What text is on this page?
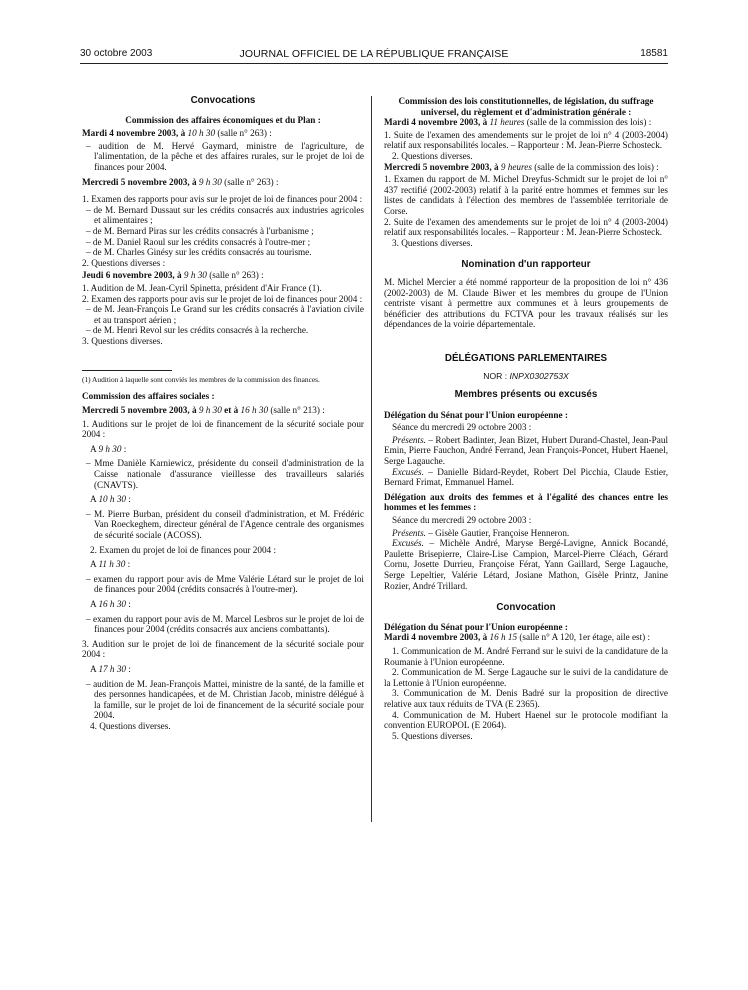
30 octobre 2003	JOURNAL OFFICIEL DE LA RÉPUBLIQUE FRANÇAISE	18581

Convocations

Commission des affaires économiques et du Plan :

Mardi 4 novembre 2003, à 10 h 30 (salle n° 263) :

– audition de M. Hervé Gaymard, ministre de l'agriculture, de l'alimentation, de la pêche et des affaires rurales, sur le projet de loi de finances pour 2004.

Mercredi 5 novembre 2003, à 9 h 30 (salle n° 263) :

1. Examen des rapports pour avis sur le projet de loi de finances pour 2004 :

– de M. Bernard Dussaut sur les crédits consacrés aux industries agricoles et alimentaires ;

– de M. Bernard Piras sur les crédits consacrés à l'urbanisme ;

– de M. Daniel Raoul sur les crédits consacrés à l'outre-mer ;

– de M. Charles Ginésy sur les crédits consacrés au tourisme.

2. Questions diverses :

Jeudi 6 novembre 2003, à 9 h 30 (salle n° 263) :

1. Audition de M. Jean-Cyril Spinetta, président d'Air France (1).

2. Examen des rapports pour avis sur le projet de loi de finances pour 2004 :

– de M. Jean-François Le Grand sur les crédits consacrés à l'aviation civile et au transport aérien ;

– de M. Henri Revol sur les crédits consacrés à la recherche.

3. Questions diverses.

(1) Audition à laquelle sont conviés les membres de la commission des finances.

Commission des affaires sociales :

Mercredi 5 novembre 2003, à 9 h 30 et à 16 h 30 (salle n° 213) :

1. Auditions sur le projet de loi de financement de la sécurité sociale pour 2004 :

A 9 h 30 :

– Mme Danièle Karniewicz, présidente du conseil d'administration de la Caisse nationale d'assurance vieillesse des travailleurs salariés (CNAVTS).

A 10 h 30 :

– M. Pierre Burban, président du conseil d'administration, et M. Frédéric Van Roeckeghem, directeur général de l'Agence centrale des organismes de sécurité sociale (ACOSS).

2. Examen du projet de loi de finances pour 2004 :

A 11 h 30 :

– examen du rapport pour avis de Mme Valérie Létard sur le projet de loi de finances pour 2004 (crédits consacrés à l'outre-mer).

A 16 h 30 :

– examen du rapport pour avis de M. Marcel Lesbros sur le projet de loi de finances pour 2004 (crédits consacrés aux anciens combattants).

3. Audition sur le projet de loi de financement de la sécurité sociale pour 2004 :

A 17 h 30 :

– audition de M. Jean-François Mattei, ministre de la santé, de la famille et des personnes handicapées, et de M. Christian Jacob, ministre délégué à la famille, sur le projet de loi de financement de la sécurité sociale pour 2004.

4. Questions diverses.

Commission des lois constitutionnelles, de législation, du suffrage universel, du règlement et d'administration générale :

Mardi 4 novembre 2003, à 11 heures (salle de la commission des lois) :

1. Suite de l'examen des amendements sur le projet de loi n° 4 (2003-2004) relatif aux responsabilités locales. – Rapporteur : M. Jean-Pierre Schosteck.

2. Questions diverses.

Mercredi 5 novembre 2003, à 9 heures (salle de la commission des lois) :

1. Examen du rapport de M. Michel Dreyfus-Schmidt sur le projet de loi n° 437 rectifié (2002-2003) relatif à la parité entre hommes et femmes sur les listes de candidats à l'élection des membres de l'assemblée territoriale de Corse.

2. Suite de l'examen des amendements sur le projet de loi n° 4 (2003-2004) relatif aux responsabilités locales. – Rapporteur : M. Jean-Pierre Schosteck.

3. Questions diverses.

Nomination d'un rapporteur

M. Michel Mercier a été nommé rapporteur de la proposition de loi n° 436 (2002-2003) de M. Claude Biwer et les membres du groupe de l'Union centriste visant à permettre aux communes et à leurs groupements de bénéficier des attributions du FCTVA pour les travaux réalisés sur les dépendances de la voirie départementale.

DÉLÉGATIONS PARLEMENTAIRES

NOR : INPX0302753X

Membres présents ou excusés

Délégation du Sénat pour l'Union européenne :

Séance du mercredi 29 octobre 2003 :

Présents. – Robert Badinter, Jean Bizet, Hubert Durand-Chastel, Jean-Paul Emin, Pierre Fauchon, André Ferrand, Jean François-Poncet, Hubert Haenel, Serge Lagauche.

Excusés. – Danielle Bidard-Reydet, Robert Del Picchia, Claude Estier, Bernard Frimat, Emmanuel Hamel.

Délégation aux droits des femmes et à l'égalité des chances entre les hommes et les femmes :

Séance du mercredi 29 octobre 2003 :

Présents. – Gisèle Gautier, Françoise Henneron.

Excusés. – Michèle André, Maryse Bergé-Lavigne, Annick Bocandé, Paulette Brisepierre, Claire-Lise Campion, Marcel-Pierre Cléach, Gérard Cornu, Josette Durrieu, Françoise Férat, Yann Gaillard, Serge Lagauche, Serge Lepeltier, Valérie Létard, Josiane Mathon, Gisèle Printz, Janine Rozier, André Trillard.

Convocation

Délégation du Sénat pour l'Union européenne :

Mardi 4 novembre 2003, à 16 h 15 (salle n° A 120, 1er étage, aile est) :

1. Communication de M. André Ferrand sur le suivi de la candidature de la Roumanie à l'Union européenne.

2. Communication de M. Serge Lagauche sur le suivi de la candidature de la Lettonie à l'Union européenne.

3. Communication de M. Denis Badré sur la proposition de directive relative aux taux réduits de TVA (E 2365).

4. Communication de M. Hubert Haenel sur le protocole modifiant la convention EUROPOL (E 2064).

5. Questions diverses.
